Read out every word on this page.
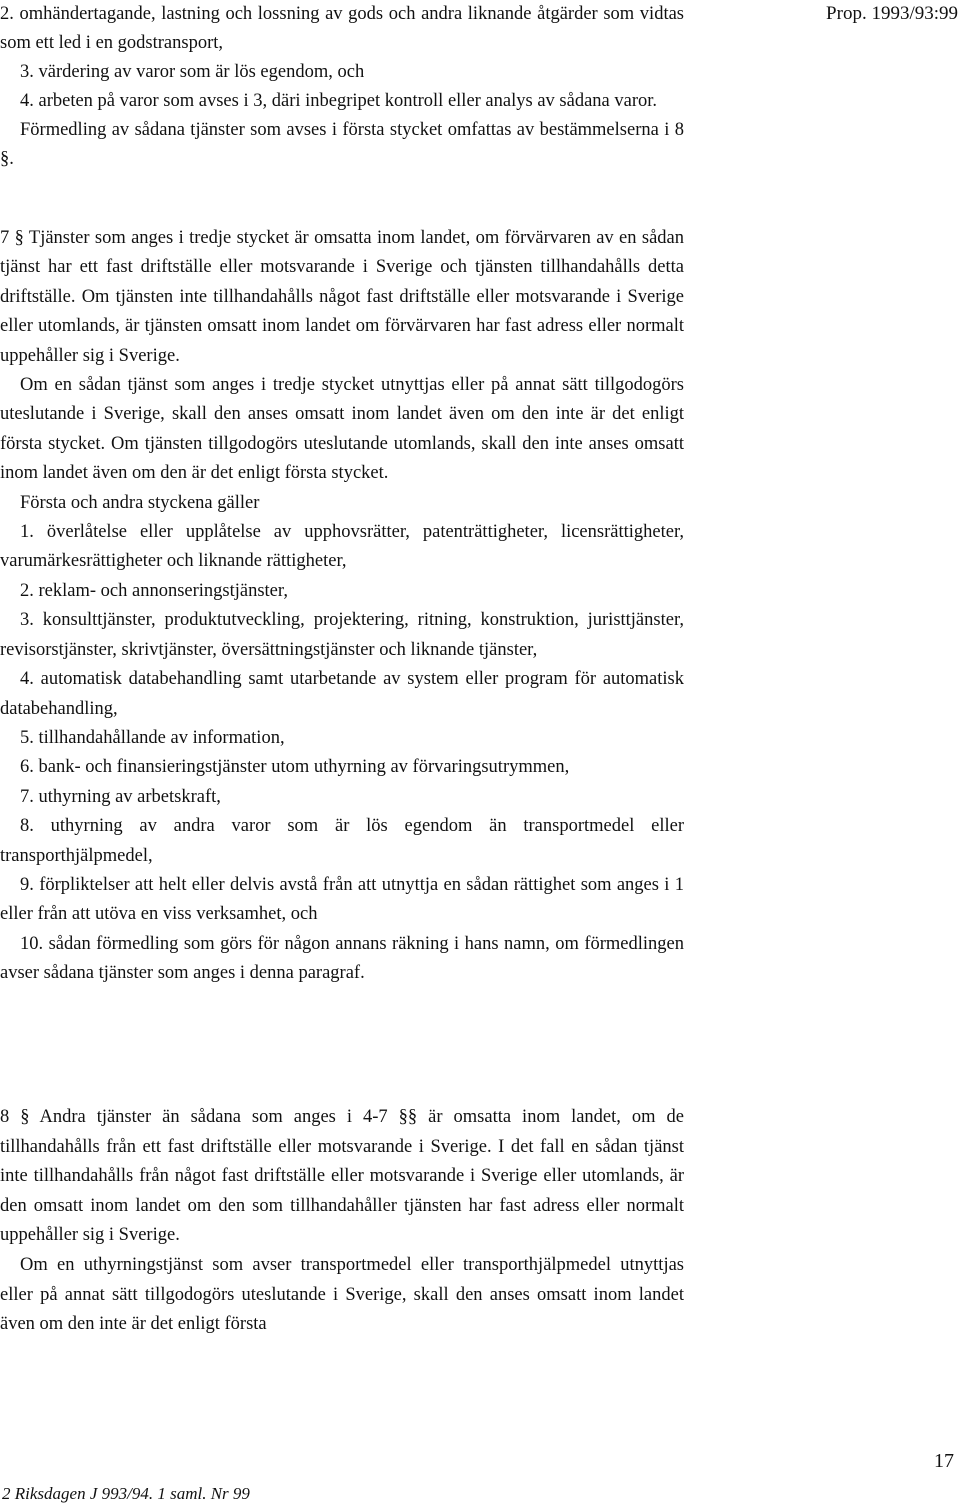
Prop. 1993/93:99

2. omhändertagande, lastning och lossning av gods och andra liknande åtgärder som vidtas som ett led i en godstransport,

3. värdering av varor som är lös egendom, och

4. arbeten på varor som avses i 3, däri inbegripet kontroll eller analys av sådana varor.

Förmedling av sådana tjänster som avses i första stycket omfattas av bestämmelserna i 8 §.

7 § Tjänster som anges i tredje stycket är omsatta inom landet, om förvärvaren av en sådan tjänst har ett fast driftställe eller motsvarande i Sverige och tjänsten tillhandahålls detta driftställe. Om tjänsten inte tillhandahålls något fast driftställe eller motsvarande i Sverige eller utomlands, är tjänsten omsatt inom landet om förvärvaren har fast adress eller normalt uppehåller sig i Sverige.

Om en sådan tjänst som anges i tredje stycket utnyttjas eller på annat sätt tillgodogörs uteslutande i Sverige, skall den anses omsatt inom landet även om den inte är det enligt första stycket. Om tjänsten tillgodogörs uteslutande utomlands, skall den inte anses omsatt inom landet även om den är det enligt första stycket.

Första och andra styckena gäller

1. överlåtelse eller upplåtelse av upphovsrätter, patenträttigheter, licensrättigheter, varumärkesrättigheter och liknande rättigheter,

2. reklam- och annonseringstjänster,

3. konsulttjänster, produktutveckling, projektering, ritning, konstruktion, juristtjänster, revisorstjänster, skrivtjänster, översättningstjänster och liknande tjänster,

4. automatisk databehandling samt utarbetande av system eller program för automatisk databehandling,

5. tillhandahållande av information,

6. bank- och finansieringstjänster utom uthyrning av förvaringsutrymmen,

7. uthyrning av arbetskraft,

8. uthyrning av andra varor som är lös egendom än transportmedel eller transporthjälpmedel,

9. förpliktelser att helt eller delvis avstå från att utnyttja en sådan rättighet som anges i 1 eller från att utöva en viss verksamhet, och

10. sådan förmedling som görs för någon annans räkning i hans namn, om förmedlingen avser sådana tjänster som anges i denna paragraf.

8 § Andra tjänster än sådana som anges i 4-7 §§ är omsatta inom landet, om de tillhandahålls från ett fast driftställe eller motsvarande i Sverige. I det fall en sådan tjänst inte tillhandahålls från något fast driftställe eller motsvarande i Sverige eller utomlands, är den omsatt inom landet om den som tillhandahåller tjänsten har fast adress eller normalt uppehåller sig i Sverige.

Om en uthyrningstjänst som avser transportmedel eller transporthjälpmedel utnyttjas eller på annat sätt tillgodogörs uteslutande i Sverige, skall den anses omsatt inom landet även om den inte är det enligt första

17
2 Riksdagen J 993/94. 1 saml. Nr 99
